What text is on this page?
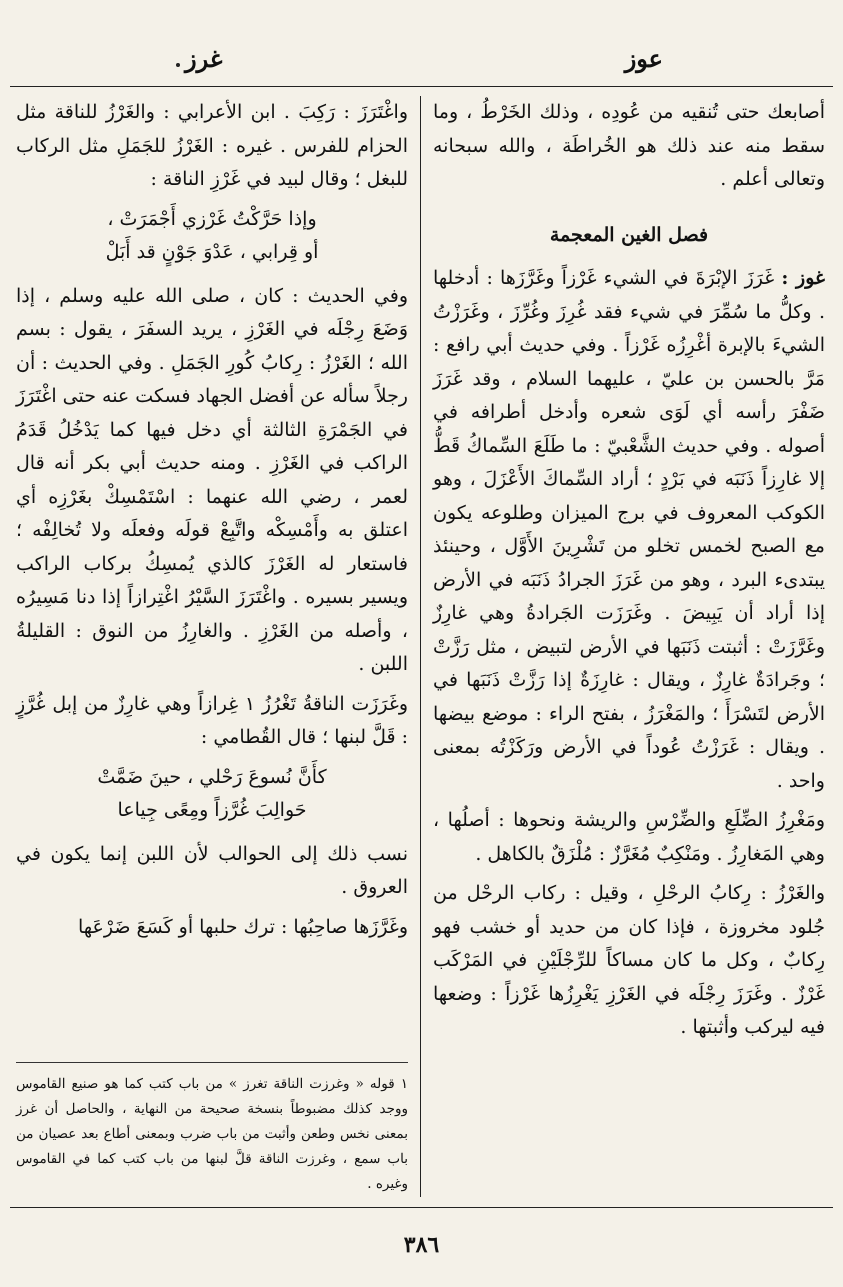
عوز
غرز

أصابعك حتى تُنقيه من عُودِه ، وذلك الخَرْطُ ، وما سقط منه عند ذلك هو الخُراطَة ، والله سبحانه وتعالى أعلم .

فصل الغين المعجمة

غوز : غَرَزَ الإبْرَةَ في الشيء غَرْزاً وغَرَّزَها : أدخلها . وكلُّ ما سُمِّرَ في شيء فقد غُرِزَ وغُرِّزَ ، وغَرَزْتُ الشيءَ بالإبرة أغْرِزُه غَرْزاً . وفي حديث أبي رافع : مَرَّ بالحسن بن عليّ ، عليهما السلام ، وقد غَرَزَ ضَفْرَ رأسه أي لَوَى شعره وأدخل أطرافه في أصوله . وفي حديث الشَّعْبيّ : ما طَلَعَ السِّماكُ قَطُّ إلا غارِزاً ذَنَبَه في بَرْدٍ ؛ أراد السِّماكَ الأَعْزَلَ ، وهو الكوكب المعروف في برج الميزان وطلوعه يكون مع الصبح لخمس تخلو من تَشْرِينَ الأَوَّل ، وحينئذ يبتدىء البرد ، وهو من غَرَزَ الجرادُ ذَنَبَه في الأرض إذا أراد أن يَبِيضَ . وغَرَزَت الجَرادةُ وهي غارِزٌ وغَرَّزَتْ : أثبتت ذَنَبَها في الأرض لتبيض ، مثل رَزَّتْ ؛ وجَرادَةٌ غارِزٌ ، ويقال : غارِزَةٌ إذا رَزَّتْ ذَنَبَها في الأرض لتَسْرَأَ ؛ والمَغْرَزُ ، بفتح الراء : موضع بيضها . ويقال : غَرَزْتُ عُوداً في الأرض ورَكَزْتُه بمعنى واحد .

ومَغْرِزُ الضِّلَعِ والضِّرْسِ والريشة ونحوها : أصلُها ، وهي المَغارِزُ . ومَنْكِبٌ مُغَرَّزٌ : مُلْزَقٌ بالكاهل .

والغَرْزُ : رِكابُ الرحْلِ ، وقيل : ركاب الرحْل من جُلود مخروزة ، فإذا كان من حديد أو خشب فهو رِكابٌ ، وكل ما كان مساكاً للرِّجْلَيْنِ في المَرْكَب غَرْزٌ . وغَرَزَ رِجْلَه في الغَرْزِ يَغْرِزُها غَرْزاً : وضعها فيه ليركب وأثبتها .

واغْتَرَزَ : رَكِبَ . ابن الأعرابي : والغَرْزُ للناقة مثل الحزام للفرس . غيره : الغَرْزُ للجَمَلِ مثل الركاب للبغل ؛ وقال لبيد في غَرْزِ الناقة :

وإذا حَرَّكْتُ غَرْزي أَجْمَرَتْ ،
أو قِرابي ، عَدْوَ جَوْنٍ قد أَبَلْ

وفي الحديث : كان ، صلى الله عليه وسلم ، إذا وَضَعَ رِجْلَه في الغَرْزِ ، يريد السفَرَ ، يقول : بسم الله ؛ الغَرْزُ : رِكابُ كُورِ الجَمَلِ . وفي الحديث : أن رجلاً سأله عن أفضل الجهاد فسكت عنه حتى اغْتَرَزَ في الجَمْرَةِ الثالثة أي دخل فيها كما يَدْخُلُ قَدَمُ الراكب في الغَرْزِ . ومنه حديث أبي بكر أنه قال لعمر ، رضي الله عنهما : اسْتَمْسِكْ بغَرْزِه أي اعتلق به وأَمْسِكْه واتَّبِعْ قولَه وفعلَه ولا تُخالِفْه ؛ فاستعار له الغَرْزَ كالذي يُمسِكُ بركاب الراكب ويسير بسيره . واغْتَرَزَ السَّيْرُ اغْتِرازاً إذا دنا مَسِيرُه ، وأصله من الغَرْزِ . والغارِزُ من النوق : القليلةُ اللبن .

وغَرَزَت الناقةُ تَغْرُزُ ١ غِرازاً وهي غارِزٌ من إبل غُرَّزٍ : قَلَّ لبنها ؛ قال القُطامي :

كأَنَّ نُسوعَ رَحْلي ، حينَ ضَمَّتْ
حَوالِبَ غُرَّزاً ومِعًى جِياعا

نسب ذلك إلى الحوالب لأن اللبن إنما يكون في العروق .

وغَرَّزَها صاحِبُها : ترك حلبها أو كَسَعَ ضَرْعَها

١ قوله « وغرزت الناقة تغرز » من باب كتب كما هو صنيع القاموس ووجد كذلك مضبوطاً بنسخة صحيحة من النهاية ، والحاصل أن غرز بمعنى نخس وطعن وأثبت من باب ضرب وبمعنى أطاع بعد عصيان من باب سمع ، وغرزت الناقة قلَّ لبنها من باب كتب كما في القاموس وغيره .
٣٨٦
